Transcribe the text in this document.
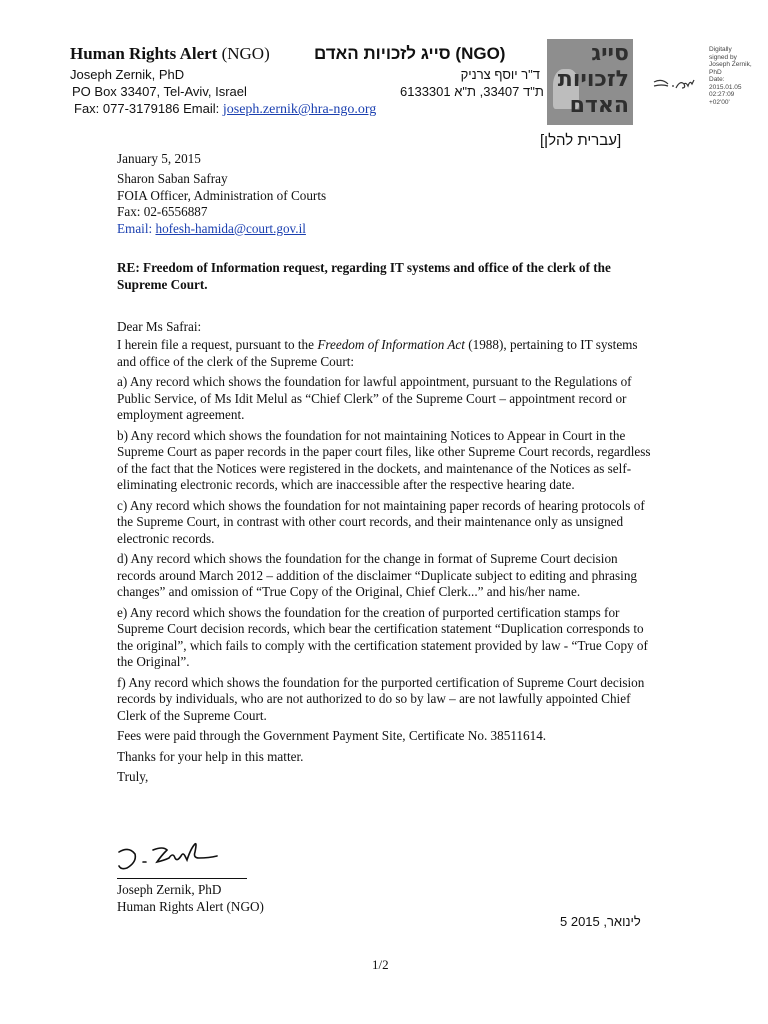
Human Rights Alert (NGO)	סייג לזכויות האדם (NGO)
Joseph Zernik, PhD
PO Box 33407, Tel-Aviv, Israel
ד"ר יוסף צרניק
ת"ד 33407, ת"א 6133301
Fax: 077-3179186 Email: joseph.zernik@hra-ngo.org
סייג
לזכויות
האדם
Digitally
signed by
Joseph Zernik,
PhD
Date:
2015.01.05
02:27:09
+02'00'
[עברית להלן]
January 5, 2015

Sharon Saban Safray

FOIA Officer, Administration of Courts

Fax: 02-6556887

Email: hofesh-hamida@court.gov.il

RE: Freedom of Information request, regarding IT systems and office of the clerk of the Supreme Court.
Dear Ms Safrai:

I herein file a request, pursuant to the Freedom of Information Act (1988), pertaining to IT systems and office of the clerk of the Supreme Court:

a) Any record which shows the foundation for lawful appointment, pursuant to the Regulations of Public Service, of Ms Idit Melul as “Chief Clerk” of the Supreme Court – appointment record or employment agreement.

b) Any record which shows the foundation for not maintaining Notices to Appear in Court in the Supreme Court as paper records in the paper court files, like other Supreme Court records, regardless of the fact that the Notices were registered in the dockets, and maintenance of the Notices as self-eliminating electronic records, which are inaccessible after the respective hearing date.

c) Any record which shows the foundation for not maintaining paper records of hearing protocols of the Supreme Court, in contrast with other court records, and their maintenance only as unsigned electronic records.

d) Any record which shows the foundation for the change in format of Supreme Court decision records around March 2012 – addition of the disclaimer “Duplicate subject to editing and phrasing changes” and omission of “True Copy of the Original, Chief Clerk...” and his/her name.

e) Any record which shows the foundation for the creation of purported certification stamps for Supreme Court decision records, which bear the certification statement “Duplication corresponds to the original”, which fails to comply with the certification statement provided by law - “True Copy of the Original”.

f) Any record which shows the foundation for the purported certification of Supreme Court decision records by individuals, who are not authorized to do so by law – are not lawfully appointed Chief Clerk of the Supreme Court.

Fees were paid through the Government Payment Site, Certificate No. 38511614.

Thanks for your help in this matter.

Truly,

Joseph Zernik, PhD

Human Rights Alert (NGO)

5 לינואר, 2015
1/2
